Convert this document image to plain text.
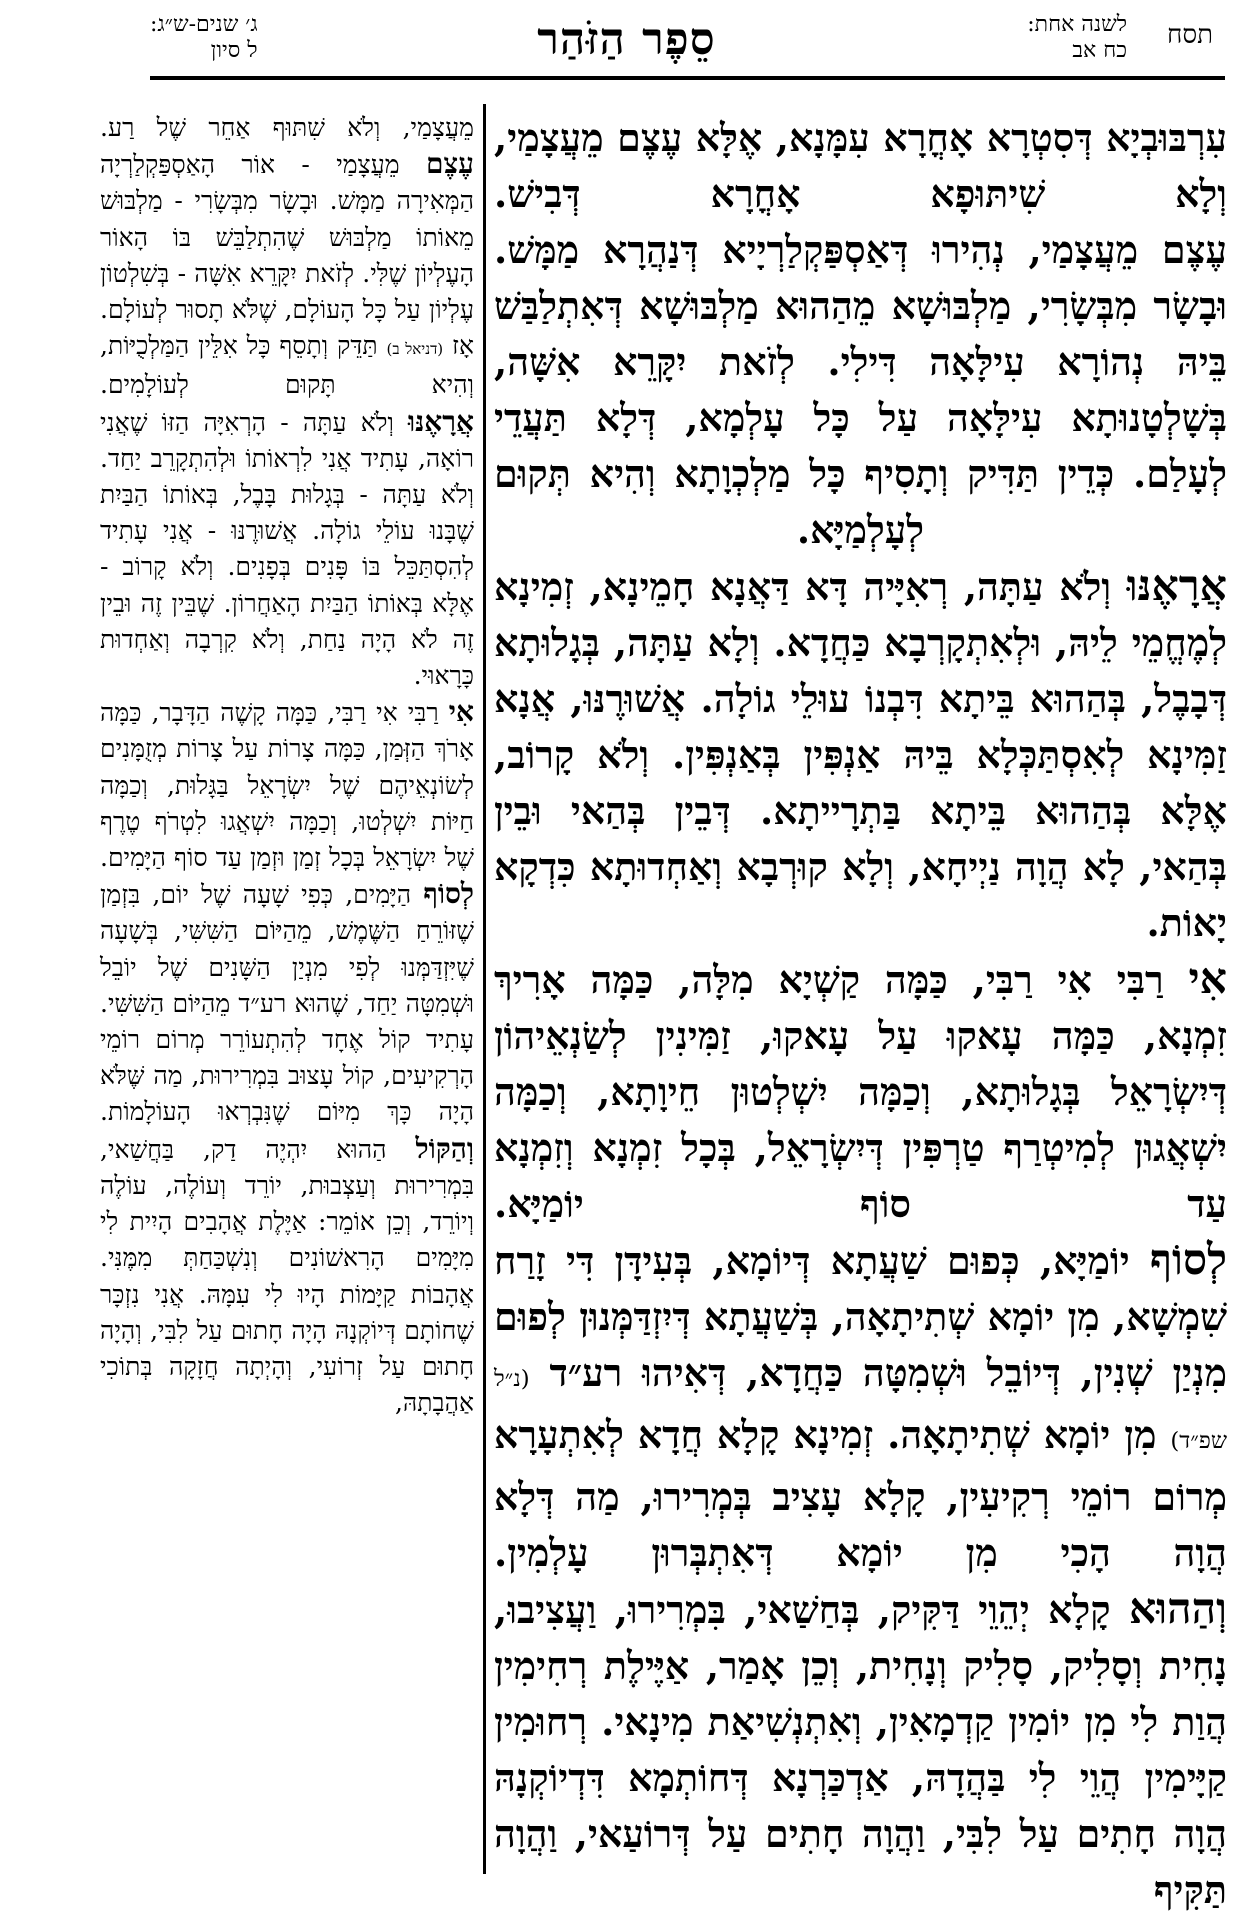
תסח
לשנה אחת:
כח אב
סֵפֶר הַזֹּהַר
ג׳ שנים-ש״ג:
ל סיון

עִרְבּוּבְיָא דְּסִטְרָא אָחֳרָא עִמָּנָא, אֶלָּא עֶצֶם מֵעֲצָמַי, וְלָא שִׁיתּוּפָא אָחֳרָא דְּבִישׁ.

עֶצֶם מֵעֲצָמַי, נְהִירוּ דְּאַסְפַּקְלַרְיָיא דְּנַהֲרָא מַמָּשׁ. וּבָשָׂר מִבְּשָׂרִי, מַלְבּוּשָׁא מֵהַהוּא מַלְבּוּשָׁא דְּאִתְלַבַּשׁ בֵּיהּ נְהוֹרָא עִילָּאָה דִּילִי. לְזֹאת יִקָּרֵא אִשָּׁה, בְּשָׁלְטָנוּתָא עִילָּאָה עַל כָּל עָלְמָא, דְּלָא תַּעֲדֵי לְעָלַם. כְּדֵין תַּדִּיק וְתָסִיף כָּל מַלְכְוָתָא וְהִיא תְּקוּם לְעָלְמַיָּא.

אֲרָאֶנּוּ וְלֹא עַתָּה, רְאִיָּיה דָּא דַּאֲנָא חָמֵינָא, זְמִינָא לְמֶחֱמֵי לֵיהּ, וּלְאִתְקָרְבָא כַּחֲדָא. וְלָא עַתָּה, בְּגָלוּתָא דְּבָבֶל, בְּהַהוּא בֵּיתָא דִּבְנוֹ עוּלֵי גוֹלָה. אֲשׁוּרֶנּוּ, אֲנָא זַמִּינָא לְאִסְתַּכְּלָא בֵּיהּ אַנְפִּין בְּאַנְפִּין. וְלֹא קָרוֹב, אֶלָּא בְּהַהוּא בֵּיתָא בַּתְרָייתָא. דְּבֵין בְּהַאי וּבֵין בְּהַאי, לָא הֲוָה נַיְיחָא, וְלָא קוּרְבָא וְאַחְדוּתָא כִּדְקָא יָאוֹת.

אִי רַבִּי אִי רַבִּי, כַּמָּה קַשְׁיָא מִלָּה, כַּמָּה אָרִיךְ זִמְנָא, כַּמָּה עָאקוּ עַל עָאקוּ, זַמִּינִין לְשַׂנְאֵיהוֹן דְּיִשְׂרָאֵל בְּגָלוּתָא, וְכַמָּה יִשְׁלְטוּן חֵיוָתָא, וְכַמָּה יִשְׁאֲגוּן לְמִיטְרַף טַרְפִּין דְּיִשְׂרָאֵל, בְּכָל זִמְנָא וְזִמְנָא עַד סוֹף יוֹמַיָּא.

לְסוֹף יוֹמַיָּא, כְּפוּם שַׁעֲתָא דְּיוֹמָא, בְּעִידָּן דִּי זָרַח שִׁמְשָׁא, מִן יוֹמָא שְׁתִיתָאָה, בְּשַׁעֲתָא דְּיִזְדַּמְּנוּן לְפוּם מִנְיַן שְׁנִין, דְּיוֹבֵל וּשְׁמִטָּה כַּחֲדָא, דְּאִיהוּ רע״ד (נ״ל שפ״ד) מִן יוֹמָא שְׁתִיתָאָה. זְמִינָא קָלָא חֲדָא לְאִתְעָרָא מְרוֹם רוֹמֵי רְקִיעִין, קָלָא עָצִיב בְּמְרִירוּ, מַה דְּלָא הֲוָה הָכִי מִן יוֹמָא דְּאִתְבְּרוּן עָלְמִין.

וְהַהוּא קָלָא יְהֵוֵי דַּקִּיק, בְּחַשַׁאי, בִּמְרִירוּ, וַעֲצִיבוּ, נָחִית וְסָלִיק, סָלִיק וְנָחִית, וְכֵן אָמַר, אַיֶּילֶת רְחִימִין הֲוַת לִי מִן יוֹמִין קַדְמָאִין, וְאִתְנְשִׁיאַת מִינָאי. רְחוּמִין קַיָּימִין הֲוֵי לִי בַּהֲדָהּ, אַדְכַּרְנָא דְּחוֹתְמָא דִּדְיוֹקְנָהּ הֲוָה חָתִים עַל לִבִּי, וַהֲוָה חָתִים עַל דְּרוֹעַאי, וַהֲוָה תַּקִּיף

מֵעֲצָמַי, וְלֹא שִׁתּוּף אַחֵר שֶׁל רַע.

עֶצֶם מֵעֲצָמַי - אוֹר הָאַסְפַּקְלַרְיָה הַמְּאִירָה מַמָּשׁ. וּבָשָׂר מִבְּשָׂרִי - מַלְבּוּשׁ מֵאוֹתוֹ מַלְבּוּשׁ שֶׁהִתְלַבֵּשׁ בּוֹ הָאוֹר הָעֶלְיוֹן שֶׁלִּי. לְזֹאת יִקָּרֵא אִשָּׁה - בְּשִׁלְטוֹן עֶלְיוֹן עַל כָּל הָעוֹלָם, שֶׁלֹּא תָסוּר לְעוֹלָם. אָז (דניאל ב) תַּדֵּק וְתָסֵף כָּל אִלֵּין הַמַּלְכֻיּוֹת, וְהִיא תָּקוּם לְעוֹלָמִים.

אֲרָאֶנּוּ וְלֹא עַתָּה - הָרְאִיָּה הַזּוֹ שֶׁאֲנִי רוֹאָה, עָתִיד אֲנִי לִרְאוֹתוֹ וּלְהִתְקָרֵב יַחַד. וְלֹא עַתָּה - בְּגָלוּת בָּבֶל, בְּאוֹתוֹ הַבַּיִת שֶׁבָּנוּ עוֹלֵי גוֹלָה. אֲשׁוּרֶנּוּ - אֲנִי עָתִיד לְהִסְתַּכֵּל בּוֹ פָּנִים בְּפָנִים. וְלֹא קָרוֹב - אֶלָּא בְּאוֹתוֹ הַבַּיִת הָאַחֲרוֹן. שֶׁבֵּין זֶה וּבֵין זֶה לֹא הָיָה נַחַת, וְלֹא קִרְבָה וְאַחְדוּת כָּרָאוּי.

אִי רַבִּי אִי רַבִּי, כַּמָּה קָשֶׁה הַדָּבָר, כַּמָּה אָרֹךְ הַזְּמַן, כַּמָּה צָרוֹת עַל צָרוֹת מְזֻמָּנִים לְשׂוֹנְאֵיהֶם שֶׁל יִשְׂרָאֵל בַּגָּלוּת, וְכַמָּה חַיּוֹת יִשְׁלְטוּ, וְכַמָּה יִשְׁאֲגוּ לִטְרֹף טֶרֶף שֶׁל יִשְׂרָאֵל בְּכָל זְמַן וּזְמַן עַד סוֹף הַיָּמִים.

לְסוֹף הַיָּמִים, כְּפִי שָׁעָה שֶׁל יוֹם, בִּזְמַן שֶׁזּוֹרֵחַ הַשֶּׁמֶשׁ, מֵהַיּוֹם הַשִּׁשִּׁי, בְּשָׁעָה שֶׁיִּזְדַּמְּנוּ לְפִי מִנְיַן הַשָּׁנִים שֶׁל יוֹבֵל וּשְׁמִטָּה יַחַד, שֶׁהוּא רע״ד מֵהַיּוֹם הַשִּׁשִּׁי. עָתִיד קוֹל אֶחָד לְהִתְעוֹרֵר מְרוֹם רוֹמֵי הָרְקִיעִים, קוֹל עָצוּב בִּמְרִירוּת, מַה שֶּׁלֹּא הָיָה כָּךְ מִיּוֹם שֶׁנִּבְרְאוּ הָעוֹלָמוֹת.

וְהַקּוֹל הַהוּא יִהְיֶה דַק, בַּחֲשַׁאי, בִּמְרִירוּת וְעַצְבוּת, יוֹרֵד וְעוֹלֶה, עוֹלֶה וְיוֹרֵד, וְכֵן אוֹמֵר: אַיֶּלֶת אֲהָבִים הָיִית לִי מִיָּמִים הָרִאשׁוֹנִים וְנִשְׁכַּחַתְּ מִמֶּנִּי. אֲהָבוֹת קַיָּמוֹת הָיוּ לִי עִמָּהּ. אֲנִי נִזְכָּר שֶׁחוֹתָם דְּיוֹקְנָהּ הָיָה חָתוּם עַל לִבִּי, וְהָיָה חָתוּם עַל זְרוֹעִי, וְהָיְתָה חֲזָקָה בְּתוֹכִי אַהֲבָתָהּ,
